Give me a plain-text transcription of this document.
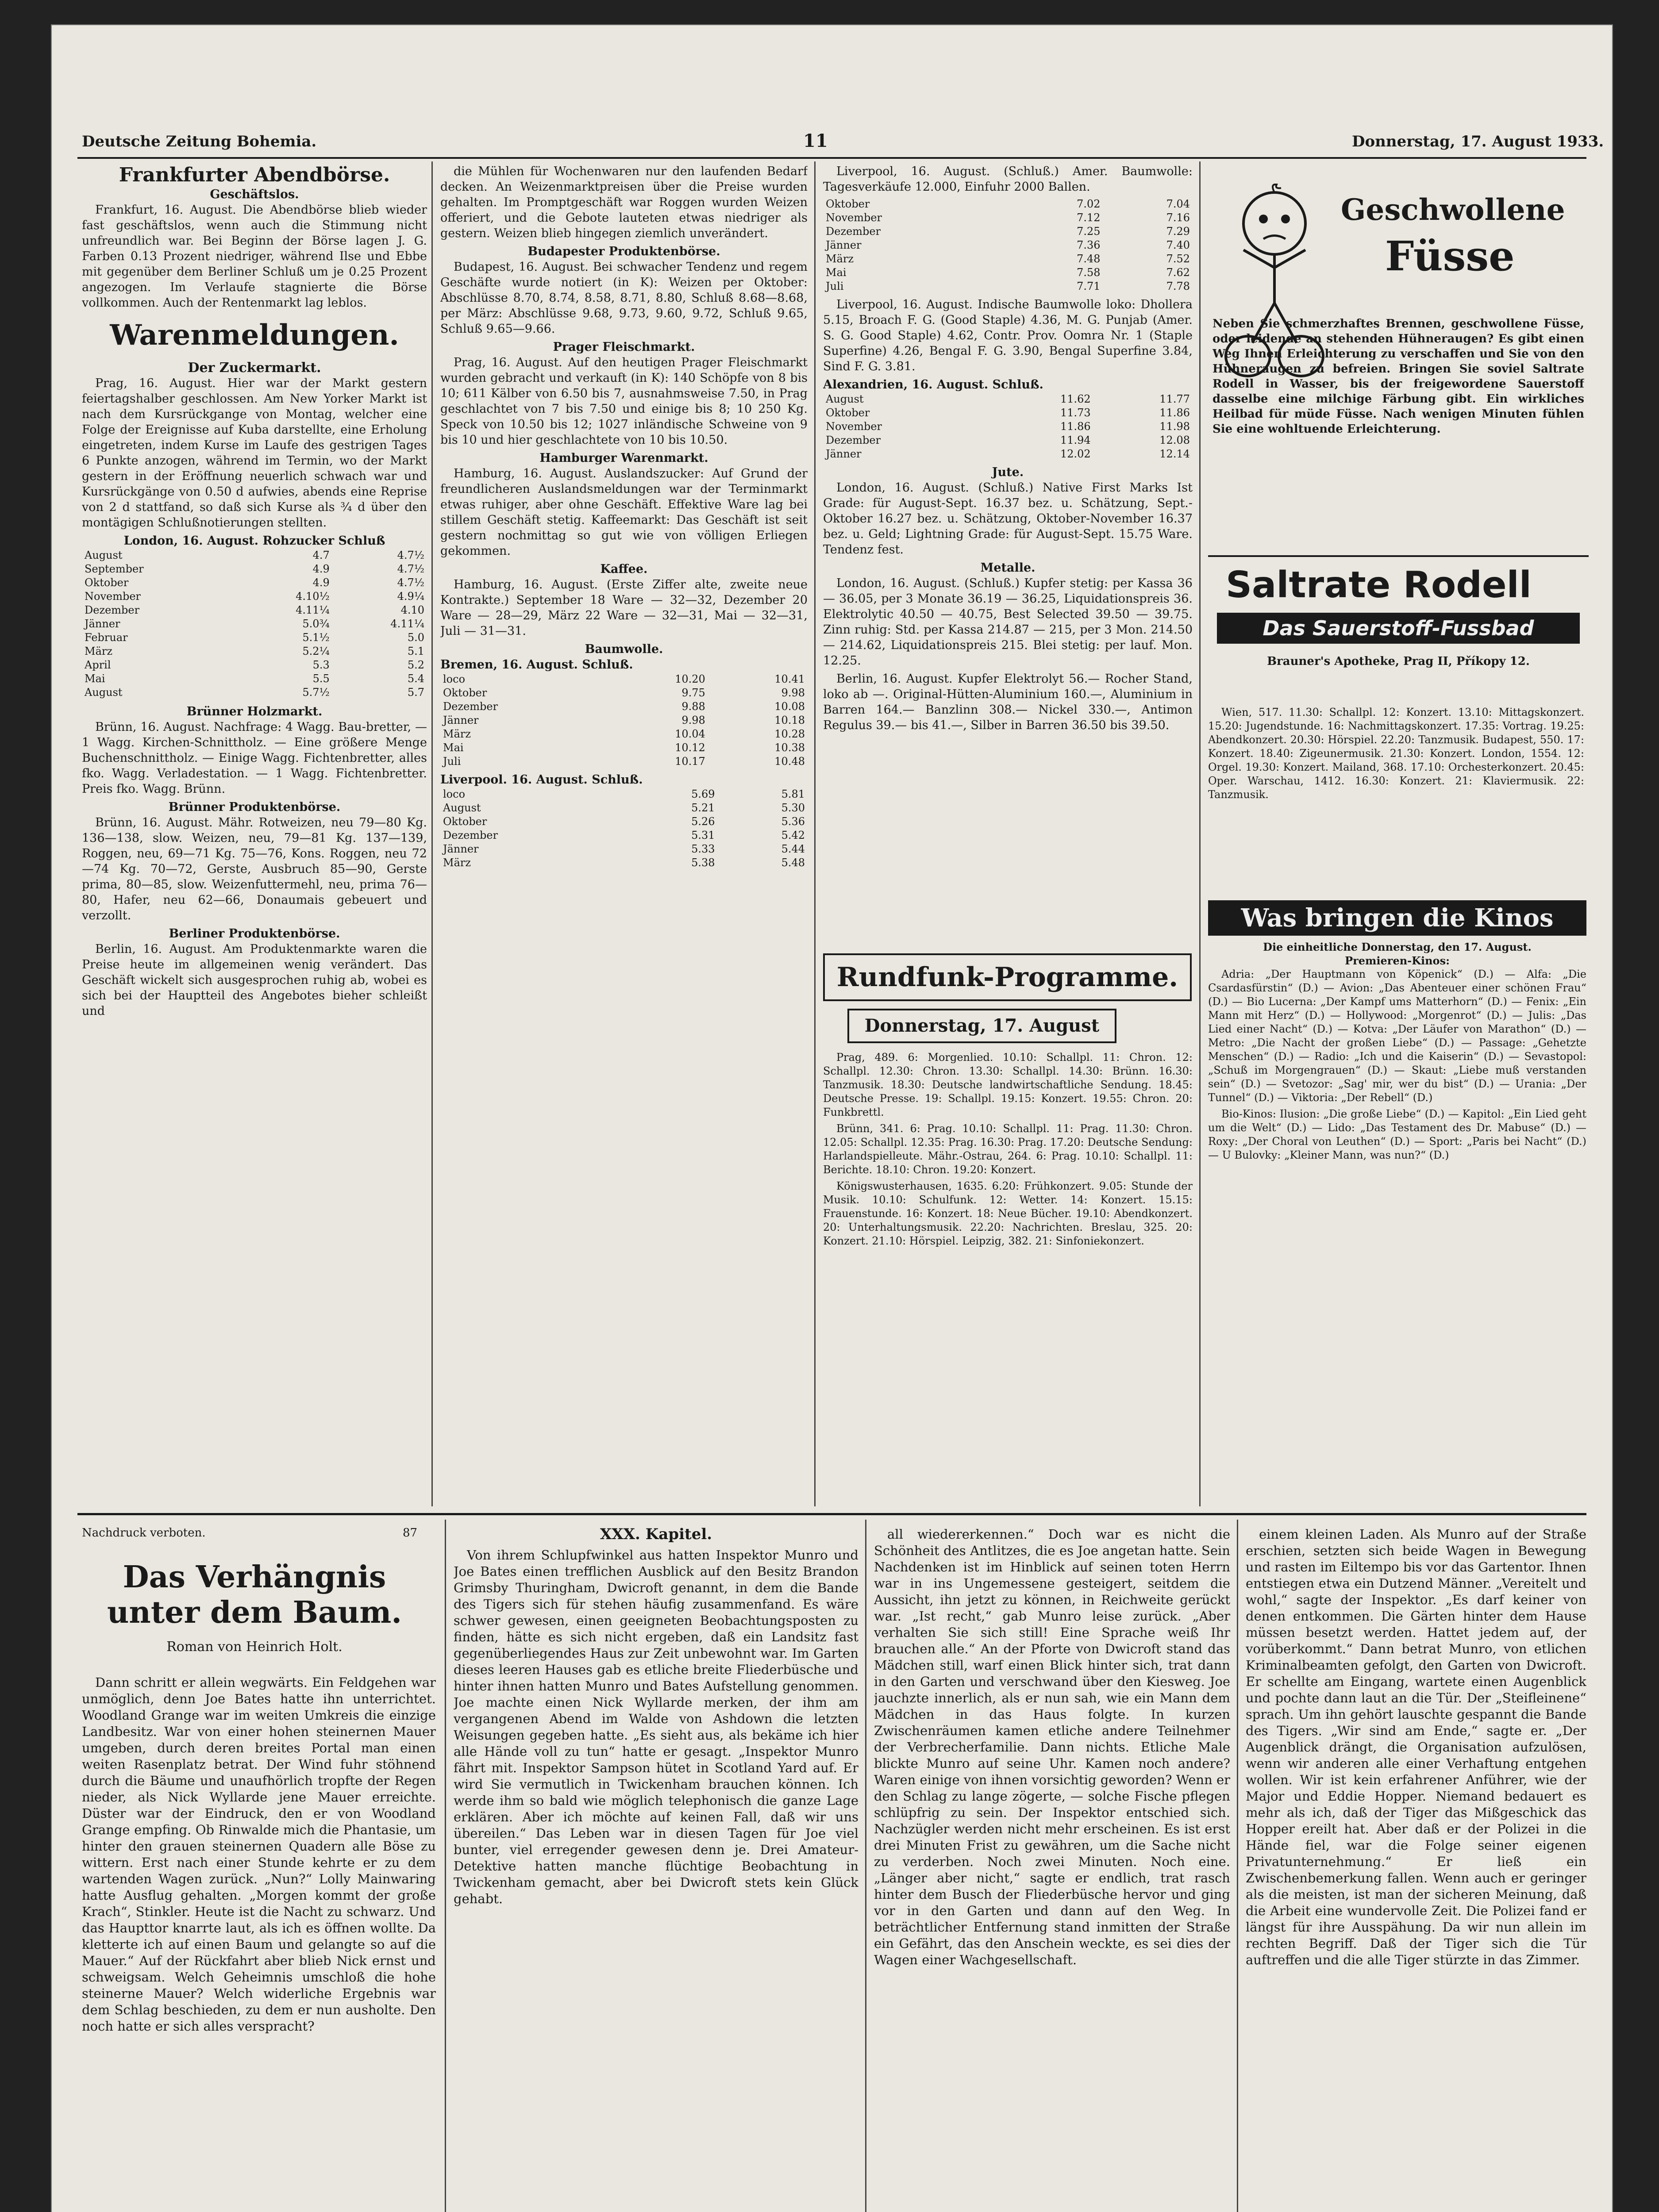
Deutsche Zeitung Bohemia.	11	Donnerstag, 17. August 1933.
Frankfurter Abendbörse.
Geschäftslos.

Frankfurt, 16. August. Die Abendbörse blieb wieder fast geschäftslos, wenn auch die Stimmung nicht unfreundlich war. Bei Beginn der Börse lagen J. G. Farben 0.13 Prozent niedriger, während Ilse und Ebbe mit gegenüber dem Berliner Schluß um je 0.25 Prozent angezogen. Im Verlaufe stagnierte die Börse vollkommen. Auch der Rentenmarkt lag leblos.

Warenmeldungen.
Der Zuckermarkt.

Prag, 16. August. Hier war der Markt gestern feiertagshalber geschlossen. Am New Yorker Markt ist nach dem Kursrückgange von Montag, welcher eine Folge der Ereignisse auf Kuba darstellte, eine Erholung eingetreten, indem Kurse im Laufe des gestrigen Tages 6 Punkte anzogen, während im Termin, wo der Markt gestern in der Eröffnung neuerlich schwach war und Kursrückgänge von 0.50 d aufwies, abends eine Reprise von 2 d stattfand, so daß sich Kurse als ¾ d über den montägigen Schlußnotierungen stellten.

London, 16. August. Rohzucker Schluß
August	4.7	4.7½
September	4.9	4.7½
Oktober	4.9	4.7½
November	4.10½	4.9¼
Dezember	4.11¼	4.10
Jänner	5.0¾	4.11¼
Februar	5.1½	5.0
März	5.2¼	5.1
April	5.3	5.2
Mai	5.5	5.4
August	5.7½	5.7
Brünner Holzmarkt.

Brünn, 16. August. Nachfrage: 4 Wagg. Bau-bretter, — 1 Wagg. Kirchen-Schnittholz. — Eine größere Menge Buchenschnittholz. — Einige Wagg. Fichtenbretter, alles fko. Wagg. Verladestation. — 1 Wagg. Fichtenbretter. Preis fko. Wagg. Brünn.

Brünner Produktenbörse.

Brünn, 16. August. Mähr. Rotweizen, neu 79—80 Kg. 136—138, slow. Weizen, neu, 79—81 Kg. 137—139, Roggen, neu, 69—71 Kg. 75—76, Kons. Roggen, neu 72—74 Kg. 70—72, Gerste, Ausbruch 85—90, Gerste prima, 80—85, slow. Weizenfuttermehl, neu, prima 76—80, Hafer, neu 62—66, Donaumais gebeuert und verzollt.

Berliner Produktenbörse.

Berlin, 16. August. Am Produktenmarkte waren die Preise heute im allgemeinen wenig verändert. Das Geschäft wickelt sich ausgesprochen ruhig ab, wobei es sich bei der Hauptteil des Angebotes bieher schleißt und

die Mühlen für Wochenwaren nur den laufenden Bedarf decken. An Weizenmarktpreisen über die Preise wurden gehalten. Im Promptgeschäft war Roggen wurden Weizen offeriert, und die Gebote lauteten etwas niedriger als gestern. Weizen blieb hingegen ziemlich unverändert.

Budapester Produktenbörse.

Budapest, 16. August. Bei schwacher Tendenz und regem Geschäfte wurde notiert (in K): Weizen per Oktober: Abschlüsse 8.70, 8.74, 8.58, 8.71, 8.80, Schluß 8.68—8.68, per März: Abschlüsse 9.68, 9.73, 9.60, 9.72, Schluß 9.65, Schluß 9.65—9.66.

Prager Fleischmarkt.

Prag, 16. August. Auf den heutigen Prager Fleischmarkt wurden gebracht und verkauft (in K): 140 Schöpfe von 8 bis 10; 611 Kälber von 6.50 bis 7, ausnahmsweise 7.50, in Prag geschlachtet von 7 bis 7.50 und einige bis 8; 10 250 Kg. Speck von 10.50 bis 12; 1027 inländische Schweine von 9 bis 10 und hier geschlachtete von 10 bis 10.50.

Hamburger Warenmarkt.

Hamburg, 16. August. Auslandszucker: Auf Grund der freundlicheren Auslandsmeldungen war der Terminmarkt etwas ruhiger, aber ohne Geschäft. Effektive Ware lag bei stillem Geschäft stetig. Kaffeemarkt: Das Geschäft ist seit gestern nochmittag so gut wie von völligen Erliegen gekommen.

Kaffee.

Hamburg, 16. August. (Erste Ziffer alte, zweite neue Kontrakte.) September 18 Ware — 32—32, Dezember 20 Ware — 28—29, März 22 Ware — 32—31, Mai — 32—31, Juli — 31—31.

Baumwolle.
Bremen, 16. August. Schluß.
loco	10.20	10.41
Oktober	9.75	9.98
Dezember	9.88	10.08
Jänner	9.98	10.18
März	10.04	10.28
Mai	10.12	10.38
Juli	10.17	10.48
Liverpool. 16. August. Schluß.
loco	5.69	5.81
August	5.21	5.30
Oktober	5.26	5.36
Dezember	5.31	5.42
Jänner	5.33	5.44
März	5.38	5.48

Liverpool, 16. August. (Schluß.) Amer. Baumwolle: Tagesverkäufe 12.000, Einfuhr 2000 Ballen.

Oktober	7.02	7.04
November	7.12	7.16
Dezember	7.25	7.29
Jänner	7.36	7.40
März	7.48	7.52
Mai	7.58	7.62
Juli	7.71	7.78

Liverpool, 16. August. Indische Baumwolle loko: Dhollera 5.15, Broach F. G. (Good Staple) 4.36, M. G. Punjab (Amer. S. G. Good Staple) 4.62, Contr. Prov. Oomra Nr. 1 (Staple Superfine) 4.26, Bengal F. G. 3.90, Bengal Superfine 3.84, Sind F. G. 3.81.

Alexandrien, 16. August. Schluß.
August	11.62	11.77
Oktober	11.73	11.86
November	11.86	11.98
Dezember	11.94	12.08
Jänner	12.02	12.14
Jute.

London, 16. August. (Schluß.) Native First Marks Ist Grade: für August-Sept. 16.37 bez. u. Schätzung, Sept.-Oktober 16.27 bez. u. Schätzung, Oktober-November 16.37 bez. u. Geld; Lightning Grade: für August-Sept. 15.75 Ware. Tendenz fest.

Metalle.

London, 16. August. (Schluß.) Kupfer stetig: per Kassa 36 — 36.05, per 3 Monate 36.19 — 36.25, Liquidationspreis 36. Elektrolytic 40.50 — 40.75, Best Selected 39.50 — 39.75. Zinn ruhig: Std. per Kassa 214.87 — 215, per 3 Mon. 214.50 — 214.62, Liquidationspreis 215. Blei stetig: per lauf. Mon. 12.25.

Berlin, 16. August. Kupfer Elektrolyt 56.— Rocher Stand, loko ab —. Original-Hütten-Aluminium 160.—, Aluminium in Barren 164.— Banzlinn 308.— Nickel 330.—, Antimon Regulus 39.— bis 41.—, Silber in Barren 36.50 bis 39.50.

Rundfunk-Programme.
Donnerstag, 17. August

Prag, 489. 6: Morgenlied. 10.10: Schallpl. 11: Chron. 12: Schallpl. 12.30: Chron. 13.30: Schallpl. 14.30: Brünn. 16.30: Tanzmusik. 18.30: Deutsche landwirtschaftliche Sendung. 18.45: Deutsche Presse. 19: Schallpl. 19.15: Konzert. 19.55: Chron. 20: Funkbrettl.

Brünn, 341. 6: Prag. 10.10: Schallpl. 11: Prag. 11.30: Chron. 12.05: Schallpl. 12.35: Prag. 16.30: Prag. 17.20: Deutsche Sendung: Harlandspielleute. Mähr.-Ostrau, 264. 6: Prag. 10.10: Schallpl. 11: Berichte. 18.10: Chron. 19.20: Konzert.

Königswusterhausen, 1635. 6.20: Frühkonzert. 9.05: Stunde der Musik. 10.10: Schulfunk. 12: Wetter. 14: Konzert. 15.15: Frauenstunde. 16: Konzert. 18: Neue Bücher. 19.10: Abendkonzert. 20: Unterhaltungsmusik. 22.20: Nachrichten. Breslau, 325. 20: Konzert. 21.10: Hörspiel. Leipzig, 382. 21: Sinfoniekonzert.

Geschwollene
Füsse
Neben Sie schmerzhaftes Brennen, geschwollene Füsse, oder leidende an stehenden Hühneraugen? Es gibt einen Weg Ihnen Erleichterung zu verschaffen und Sie von den Hühneraugen zu befreien. Bringen Sie soviel Saltrate Rodell in Wasser, bis der freigewordene Sauerstoff dasselbe eine milchige Färbung gibt. Ein wirkliches Heilbad für müde Füsse. Nach wenigen Minuten fühlen Sie eine wohltuende Erleichterung.
Saltrate Rodell
Das Sauerstoff-Fussbad
Brauner's Apotheke, Prag II, Příkopy 12.

Wien, 517. 11.30: Schallpl. 12: Konzert. 13.10: Mittagskonzert. 15.20: Jugendstunde. 16: Nachmittagskonzert. 17.35: Vortrag. 19.25: Abendkonzert. 20.30: Hörspiel. 22.20: Tanzmusik. Budapest, 550. 17: Konzert. 18.40: Zigeunermusik. 21.30: Konzert. London, 1554. 12: Orgel. 19.30: Konzert. Mailand, 368. 17.10: Orchesterkonzert. 20.45: Oper. Warschau, 1412. 16.30: Konzert. 21: Klaviermusik. 22: Tanzmusik.

Was bringen die Kinos
Die einheitliche Donnerstag, den 17. August.
Premieren-Kinos:

Adria: „Der Hauptmann von Köpenick“ (D.) — Alfa: „Die Csardasfürstin“ (D.) — Avion: „Das Abenteuer einer schönen Frau“ (D.) — Bio Lucerna: „Der Kampf ums Matterhorn“ (D.) — Fenix: „Ein Mann mit Herz“ (D.) — Hollywood: „Morgenrot“ (D.) — Julis: „Das Lied einer Nacht“ (D.) — Kotva: „Der Läufer von Marathon“ (D.) — Metro: „Die Nacht der großen Liebe“ (D.) — Passage: „Gehetzte Menschen“ (D.) — Radio: „Ich und die Kaiserin“ (D.) — Sevastopol: „Schuß im Morgengrauen“ (D.) — Skaut: „Liebe muß verstanden sein“ (D.) — Svetozor: „Sag' mir, wer du bist“ (D.) — Urania: „Der Tunnel“ (D.) — Viktoria: „Der Rebell“ (D.)

Bio-Kinos: Ilusion: „Die große Liebe“ (D.) — Kapitol: „Ein Lied geht um die Welt“ (D.) — Lido: „Das Testament des Dr. Mabuse“ (D.) — Roxy: „Der Choral von Leuthen“ (D.) — Sport: „Paris bei Nacht“ (D.) — U Bulovky: „Kleiner Mann, was nun?“ (D.)

Nachdruck verboten.	87
Das Verhängnis
unter dem Baum.
Roman von Heinrich Holt.

Dann schritt er allein wegwärts. Ein Feldgehen war unmöglich, denn Joe Bates hatte ihn unterrichtet. Woodland Grange war im weiten Umkreis die einzige Landbesitz. War von einer hohen steinernen Mauer umgeben, durch deren breites Portal man einen weiten Rasenplatz betrat. Der Wind fuhr stöhnend durch die Bäume und unaufhörlich tropfte der Regen nieder, als Nick Wyllarde jene Mauer erreichte. Düster war der Eindruck, den er von Woodland Grange empfing. Ob Rinwalde mich die Phantasie, um hinter den grauen steinernen Quadern alle Böse zu wittern. Erst nach einer Stunde kehrte er zu dem wartenden Wagen zurück. „Nun?“ Lolly Mainwaring hatte Ausflug gehalten. „Morgen kommt der große Krach“, Stinkler. Heute ist die Nacht zu schwarz. Und das Haupttor knarrte laut, als ich es öffnen wollte. Da kletterte ich auf einen Baum und gelangte so auf die Mauer.“ Auf der Rückfahrt aber blieb Nick ernst und schweigsam. Welch Geheimnis umschloß die hohe steinerne Mauer? Welch widerliche Ergebnis war dem Schlag beschieden, zu dem er nun ausholte. Den noch hatte er sich alles verspracht?

XXX. Kapitel.

Von ihrem Schlupfwinkel aus hatten Inspektor Munro und Joe Bates einen trefflichen Ausblick auf den Besitz Brandon Grimsby Thuringham, Dwicroft genannt, in dem die Bande des Tigers sich für stehen häufig zusammenfand. Es wäre schwer gewesen, einen geeigneten Beobachtungsposten zu finden, hätte es sich nicht ergeben, daß ein Landsitz fast gegenüberliegendes Haus zur Zeit unbewohnt war. Im Garten dieses leeren Hauses gab es etliche breite Fliederbüsche und hinter ihnen hatten Munro und Bates Aufstellung genommen. Joe machte einen Nick Wyllarde merken, der ihm am vergangenen Abend im Walde von Ashdown die letzten Weisungen gegeben hatte. „Es sieht aus, als bekäme ich hier alle Hände voll zu tun“ hatte er gesagt. „Inspektor Munro fährt mit. Inspektor Sampson hütet in Scotland Yard auf. Er wird Sie vermutlich in Twickenham brauchen können. Ich werde ihm so bald wie möglich telephonisch die ganze Lage erklären. Aber ich möchte auf keinen Fall, daß wir uns übereilen.“ Das Leben war in diesen Tagen für Joe viel bunter, viel erregender gewesen denn je. Drei Amateur-Detektive hatten manche flüchtige Beobachtung in Twickenham gemacht, aber bei Dwicroft stets kein Glück gehabt.

all wiedererkennen.“ Doch war es nicht die Schönheit des Antlitzes, die es Joe angetan hatte. Sein Nachdenken ist im Hinblick auf seinen toten Herrn war in ins Ungemessene gesteigert, seitdem die Aussicht, ihn jetzt zu können, in Reichweite gerückt war. „Ist recht,“ gab Munro leise zurück. „Aber verhalten Sie sich still! Eine Sprache weiß Ihr brauchen alle.“ An der Pforte von Dwicroft stand das Mädchen still, warf einen Blick hinter sich, trat dann in den Garten und verschwand über den Kiesweg. Joe jauchzte innerlich, als er nun sah, wie ein Mann dem Mädchen in das Haus folgte. In kurzen Zwischenräumen kamen etliche andere Teilnehmer der Verbrecherfamilie. Dann nichts. Etliche Male blickte Munro auf seine Uhr. Kamen noch andere? Waren einige von ihnen vorsichtig geworden? Wenn er den Schlag zu lange zögerte, — solche Fische pflegen schlüpfrig zu sein. Der Inspektor entschied sich. Nachzügler werden nicht mehr erscheinen. Es ist erst drei Minuten Frist zu gewähren, um die Sache nicht zu verderben. Noch zwei Minuten. Noch eine. „Länger aber nicht,“ sagte er endlich, trat rasch hinter dem Busch der Fliederbüsche hervor und ging vor in den Garten und dann auf den Weg. In beträchtlicher Entfernung stand inmitten der Straße ein Gefährt, das den Anschein weckte, es sei dies der Wagen einer Wachgesellschaft.

einem kleinen Laden. Als Munro auf der Straße erschien, setzten sich beide Wagen in Bewegung und rasten im Eiltempo bis vor das Gartentor. Ihnen entstiegen etwa ein Dutzend Männer. „Vereitelt und wohl,“ sagte der Inspektor. „Es darf keiner von denen entkommen. Die Gärten hinter dem Hause müssen besetzt werden. Hattet jedem auf, der vorüberkommt.“ Dann betrat Munro, von etlichen Kriminalbeamten gefolgt, den Garten von Dwicroft. Er schellte am Eingang, wartete einen Augenblick und pochte dann laut an die Tür. Der „Steifleinene“ sprach. Um ihn gehört lauschte gespannt die Bande des Tigers. „Wir sind am Ende,“ sagte er. „Der Augenblick drängt, die Organisation aufzulösen, wenn wir anderen alle einer Verhaftung entgehen wollen. Wir ist kein erfahrener Anführer, wie der Major und Eddie Hopper. Niemand bedauert es mehr als ich, daß der Tiger das Mißgeschick das Hopper ereilt hat. Aber daß er der Polizei in die Hände fiel, war die Folge seiner eigenen Privatunternehmung.“ Er ließ ein Zwischenbemerkung fallen. Wenn auch er geringer als die meisten, ist man der sicheren Meinung, daß die Arbeit eine wundervolle Zeit. Die Polizei fand er längst für ihre Ausspähung. Da wir nun allein im rechten Begriff. Daß der Tiger sich die Tür auftreffen und die alle Tiger stürzte in das Zimmer.
